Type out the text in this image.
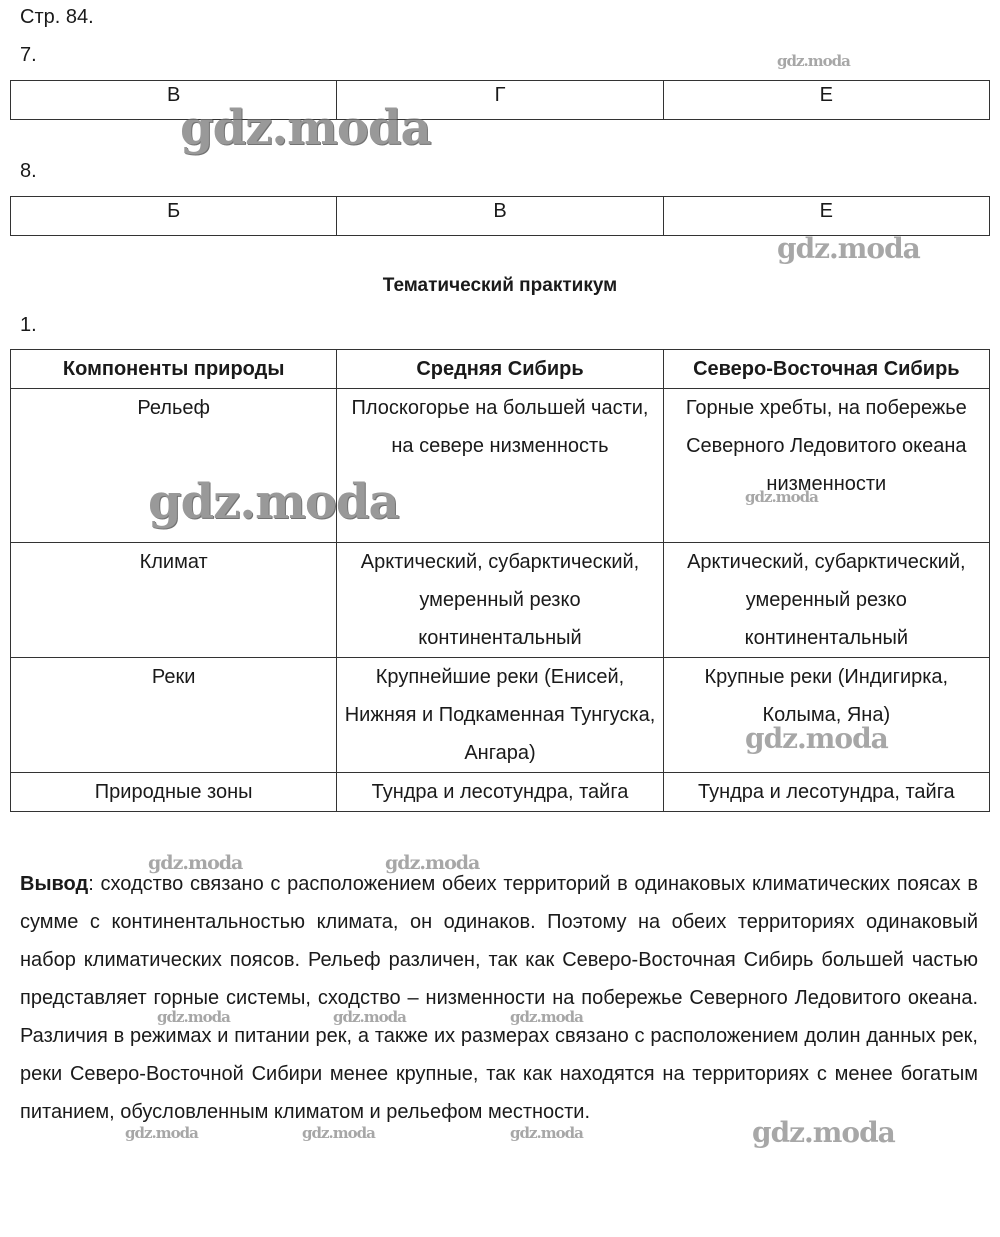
Стр. 84.
7.
В	Г	Е
8.
Б	В	Е
Тематический практикум
1.
Компоненты природы	Средняя Сибирь	Северо-Восточная Сибирь
Рельеф	Плоскогорье на большей части, на севере низменность	Горные хребты, на побережье Северного Ледовитого океана низменности
Климат	Арктический, субарктический, умеренный резко континентальный	Арктический, субарктический, умеренный резко континентальный
Реки	Крупнейшие реки (Енисей, Нижняя и Подкаменная Тунгуска, Ангара)	Крупные реки (Индигирка, Колыма, Яна)
Природные зоны	Тундра и лесотундра, тайга	Тундра и лесотундра, тайга
Вывод: сходство связано с расположением обеих территорий в одинаковых климатических поясах в сумме с континентальностью климата, он одинаков. Поэтому на обеих территориях одинаковый набор климатических поясов. Рельеф различен, так как Северо-Восточная Сибирь большей частью представляет горные системы, сходство – низменности на побережье Северного Ледовитого океана. Различия в режимах и питании рек, а также их размерах связано с расположением долин данных рек, реки Северо-Восточной Сибири менее крупные, так как находятся на территориях с менее богатым питанием, обусловленным климатом и рельефом местности.
gdz.moda
gdz.moda
gdz.moda
gdz.moda	gdz.moda
gdz.moda
gdz.moda	gdz.moda
gdz.moda	gdz.moda	gdz.moda
gdz.moda	gdz.moda	gdz.moda	gdz.moda
